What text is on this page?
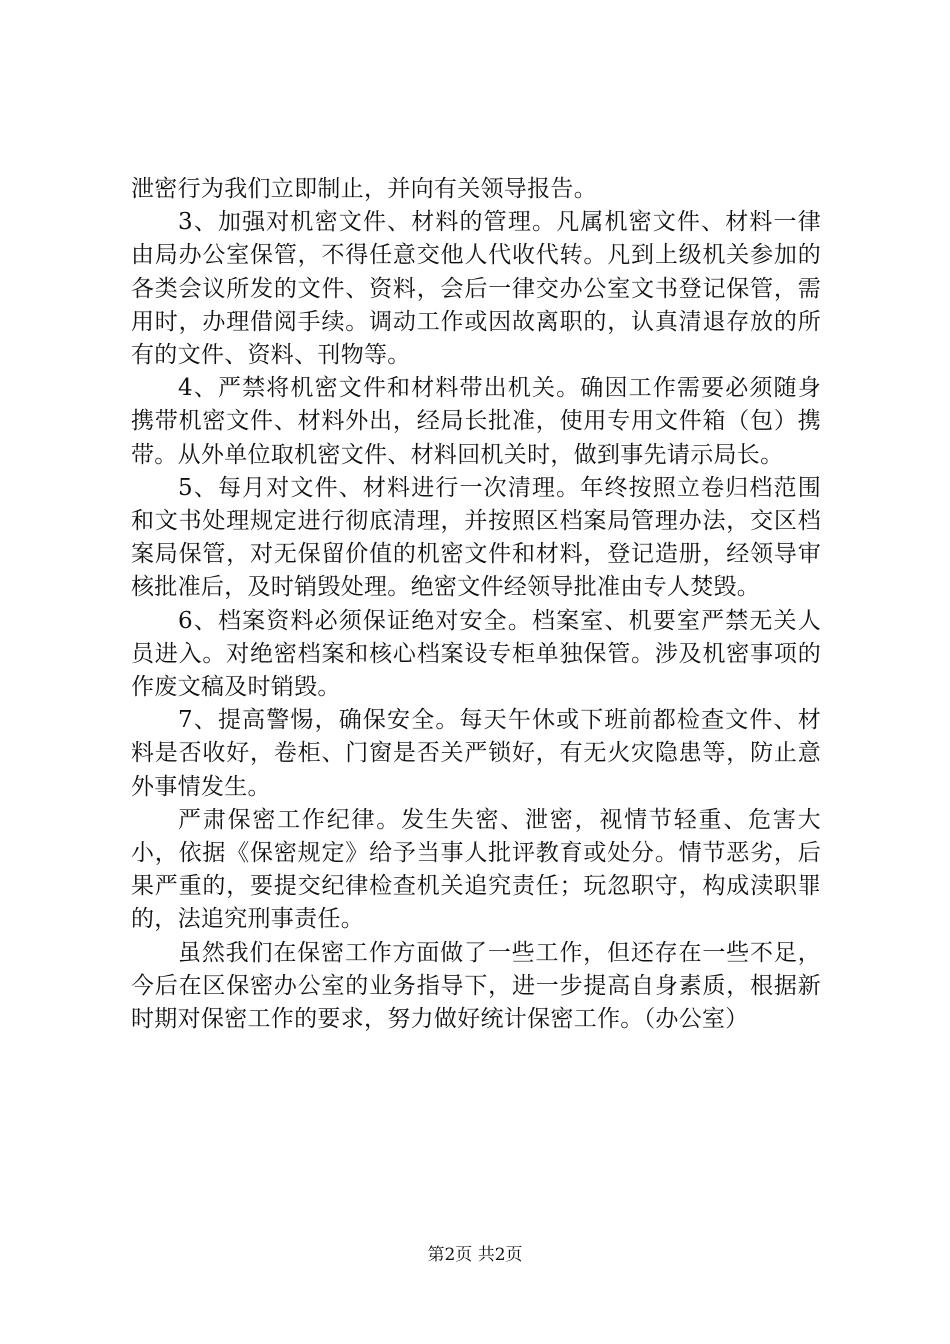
泄密行为我们立即制止，并向有关领导报告。

3、加强对机密文件、材料的管理。凡属机密文件、材料一律由局办公室保管，不得任意交他人代收代转。凡到上级机关参加的各类会议所发的文件、资料，会后一律交办公室文书登记保管，需用时，办理借阅手续。调动工作或因故离职的，认真清退存放的所有的文件、资料、刊物等。

4、严禁将机密文件和材料带出机关。确因工作需要必须随身携带机密文件、材料外出，经局长批准，使用专用文件箱（包）携带。从外单位取机密文件、材料回机关时，做到事先请示局长。

5、每月对文件、材料进行一次清理。年终按照立卷归档范围和文书处理规定进行彻底清理，并按照区档案局管理办法，交区档案局保管，对无保留价值的机密文件和材料，登记造册，经领导审核批准后，及时销毁处理。绝密文件经领导批准由专人焚毁。

6、档案资料必须保证绝对安全。档案室、机要室严禁无关人员进入。对绝密档案和核心档案设专柜单独保管。涉及机密事项的作废文稿及时销毁。

7、提高警惕，确保安全。每天午休或下班前都检查文件、材料是否收好，卷柜、门窗是否关严锁好，有无火灾隐患等，防止意外事情发生。

严肃保密工作纪律。发生失密、泄密，视情节轻重、危害大小，依据《保密规定》给予当事人批评教育或处分。情节恶劣，后果严重的，要提交纪律检查机关追究责任；玩忽职守，构成渎职罪的，法追究刑事责任。

虽然我们在保密工作方面做了一些工作，但还存在一些不足，今后在区保密办公室的业务指导下，进一步提高自身素质，根据新时期对保密工作的要求，努力做好统计保密工作。（办公室）

第2页 共2页
